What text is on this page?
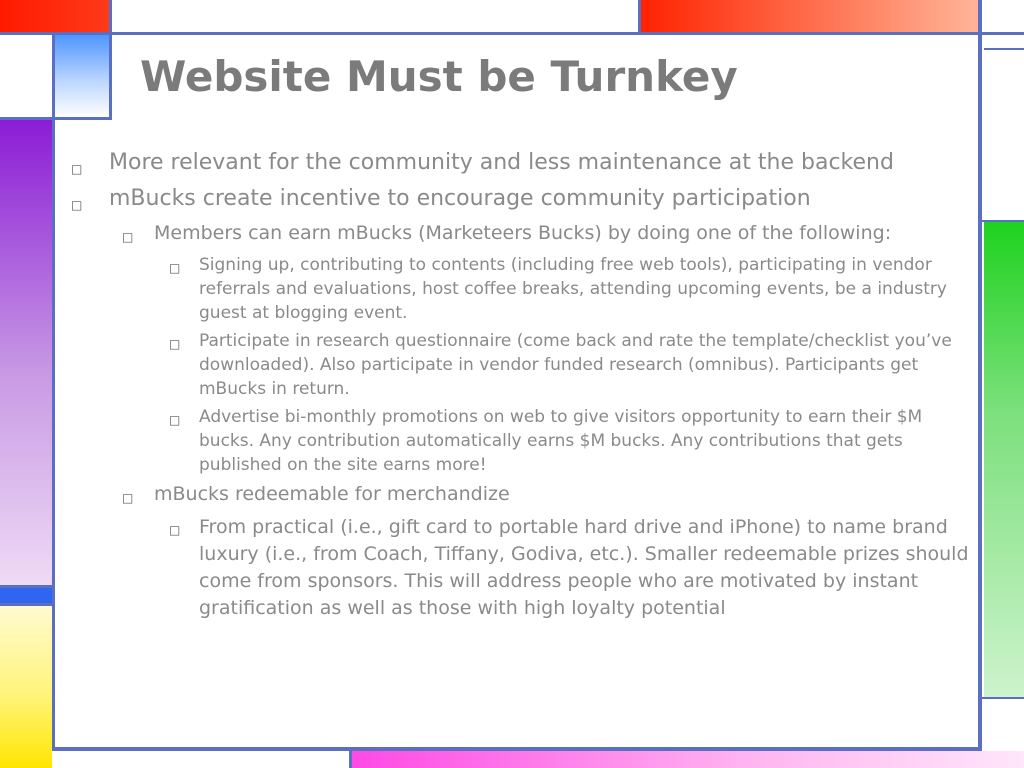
Website Must be Turnkey
□ More relevant for the community and less maintenance at the backend
□ mBucks create incentive to encourage community participation
□ Members can earn mBucks (Marketeers Bucks) by doing one of the following:
□ Signing up, contributing to contents (including free web tools), participating in vendor referrals and evaluations, host coffee breaks, attending upcoming events, be a industry guest at blogging event.
□ Participate in research questionnaire (come back and rate the template/checklist you’ve downloaded). Also participate in vendor funded research (omnibus). Participants get mBucks in return.
□ Advertise bi-monthly promotions on web to give visitors opportunity to earn their $M bucks. Any contribution automatically earns $M bucks. Any contributions that gets published on the site earns more!
□ mBucks redeemable for merchandize
□ From practical (i.e., gift card to portable hard drive and iPhone) to name brand luxury (i.e., from Coach, Tiffany, Godiva, etc.). Smaller redeemable prizes should come from sponsors. This will address people who are motivated by instant gratification as well as those with high loyalty potential
